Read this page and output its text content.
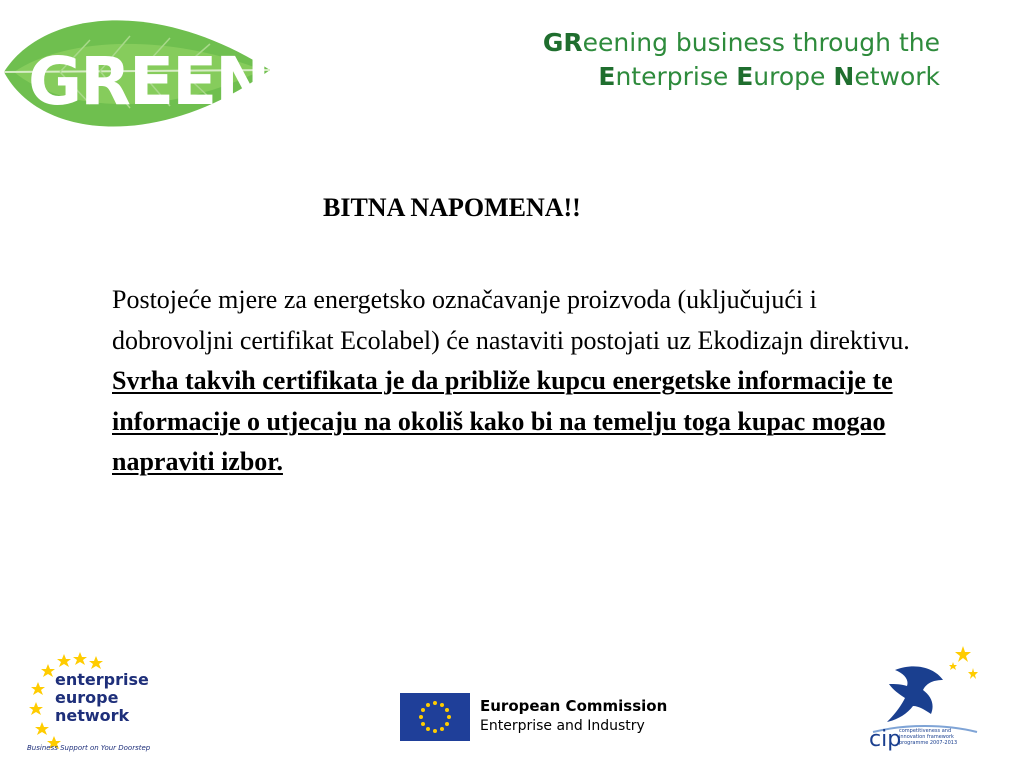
GREEN
GReening business through the
Enterprise Europe Network
BITNA NAPOMENA!!
Postojeće mjere za energetsko označavanje proizvoda (uključujući i dobrovoljni certifikat Ecolabel) će nastaviti postojati uz Ekodizajn direktivu. Svrha takvih certifikata je da približe kupcu energetske informacije te informacije o utjecaju na okoliš kako bi na temelju toga kupac mogao napraviti izbor.
enterprise
europe
network
Business Support on Your Doorstep
European Commission
Enterprise and Industry
cip
competitiveness and innovation framework programme 2007-2013
